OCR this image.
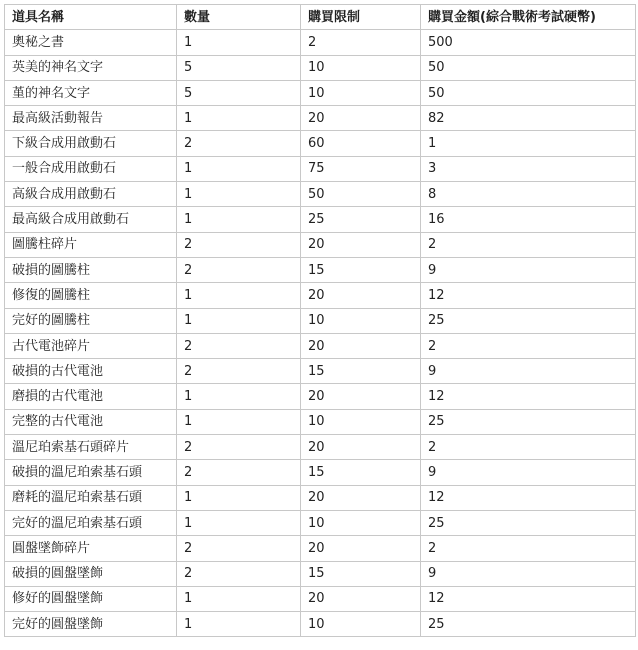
道具名稱	數量	購買限制	購買金額(綜合戰術考試硬幣)
奧秘之書	1	2	500
英美的神名文字	5	10	50
堇的神名文字	5	10	50
最高級活動報告	1	20	82
下級合成用啟動石	2	60	1
一般合成用啟動石	1	75	3
高級合成用啟動石	1	50	8
最高級合成用啟動石	1	25	16
圖騰柱碎片	2	20	2
破損的圖騰柱	2	15	9
修復的圖騰柱	1	20	12
完好的圖騰柱	1	10	25
古代電池碎片	2	20	2
破損的古代電池	2	15	9
磨損的古代電池	1	20	12
完整的古代電池	1	10	25
溫尼珀索基石頭碎片	2	20	2
破損的溫尼珀索基石頭	2	15	9
磨耗的溫尼珀索基石頭	1	20	12
完好的溫尼珀索基石頭	1	10	25
圓盤墜飾碎片	2	20	2
破損的圓盤墜飾	2	15	9
修好的圓盤墜飾	1	20	12
完好的圓盤墜飾	1	10	25
